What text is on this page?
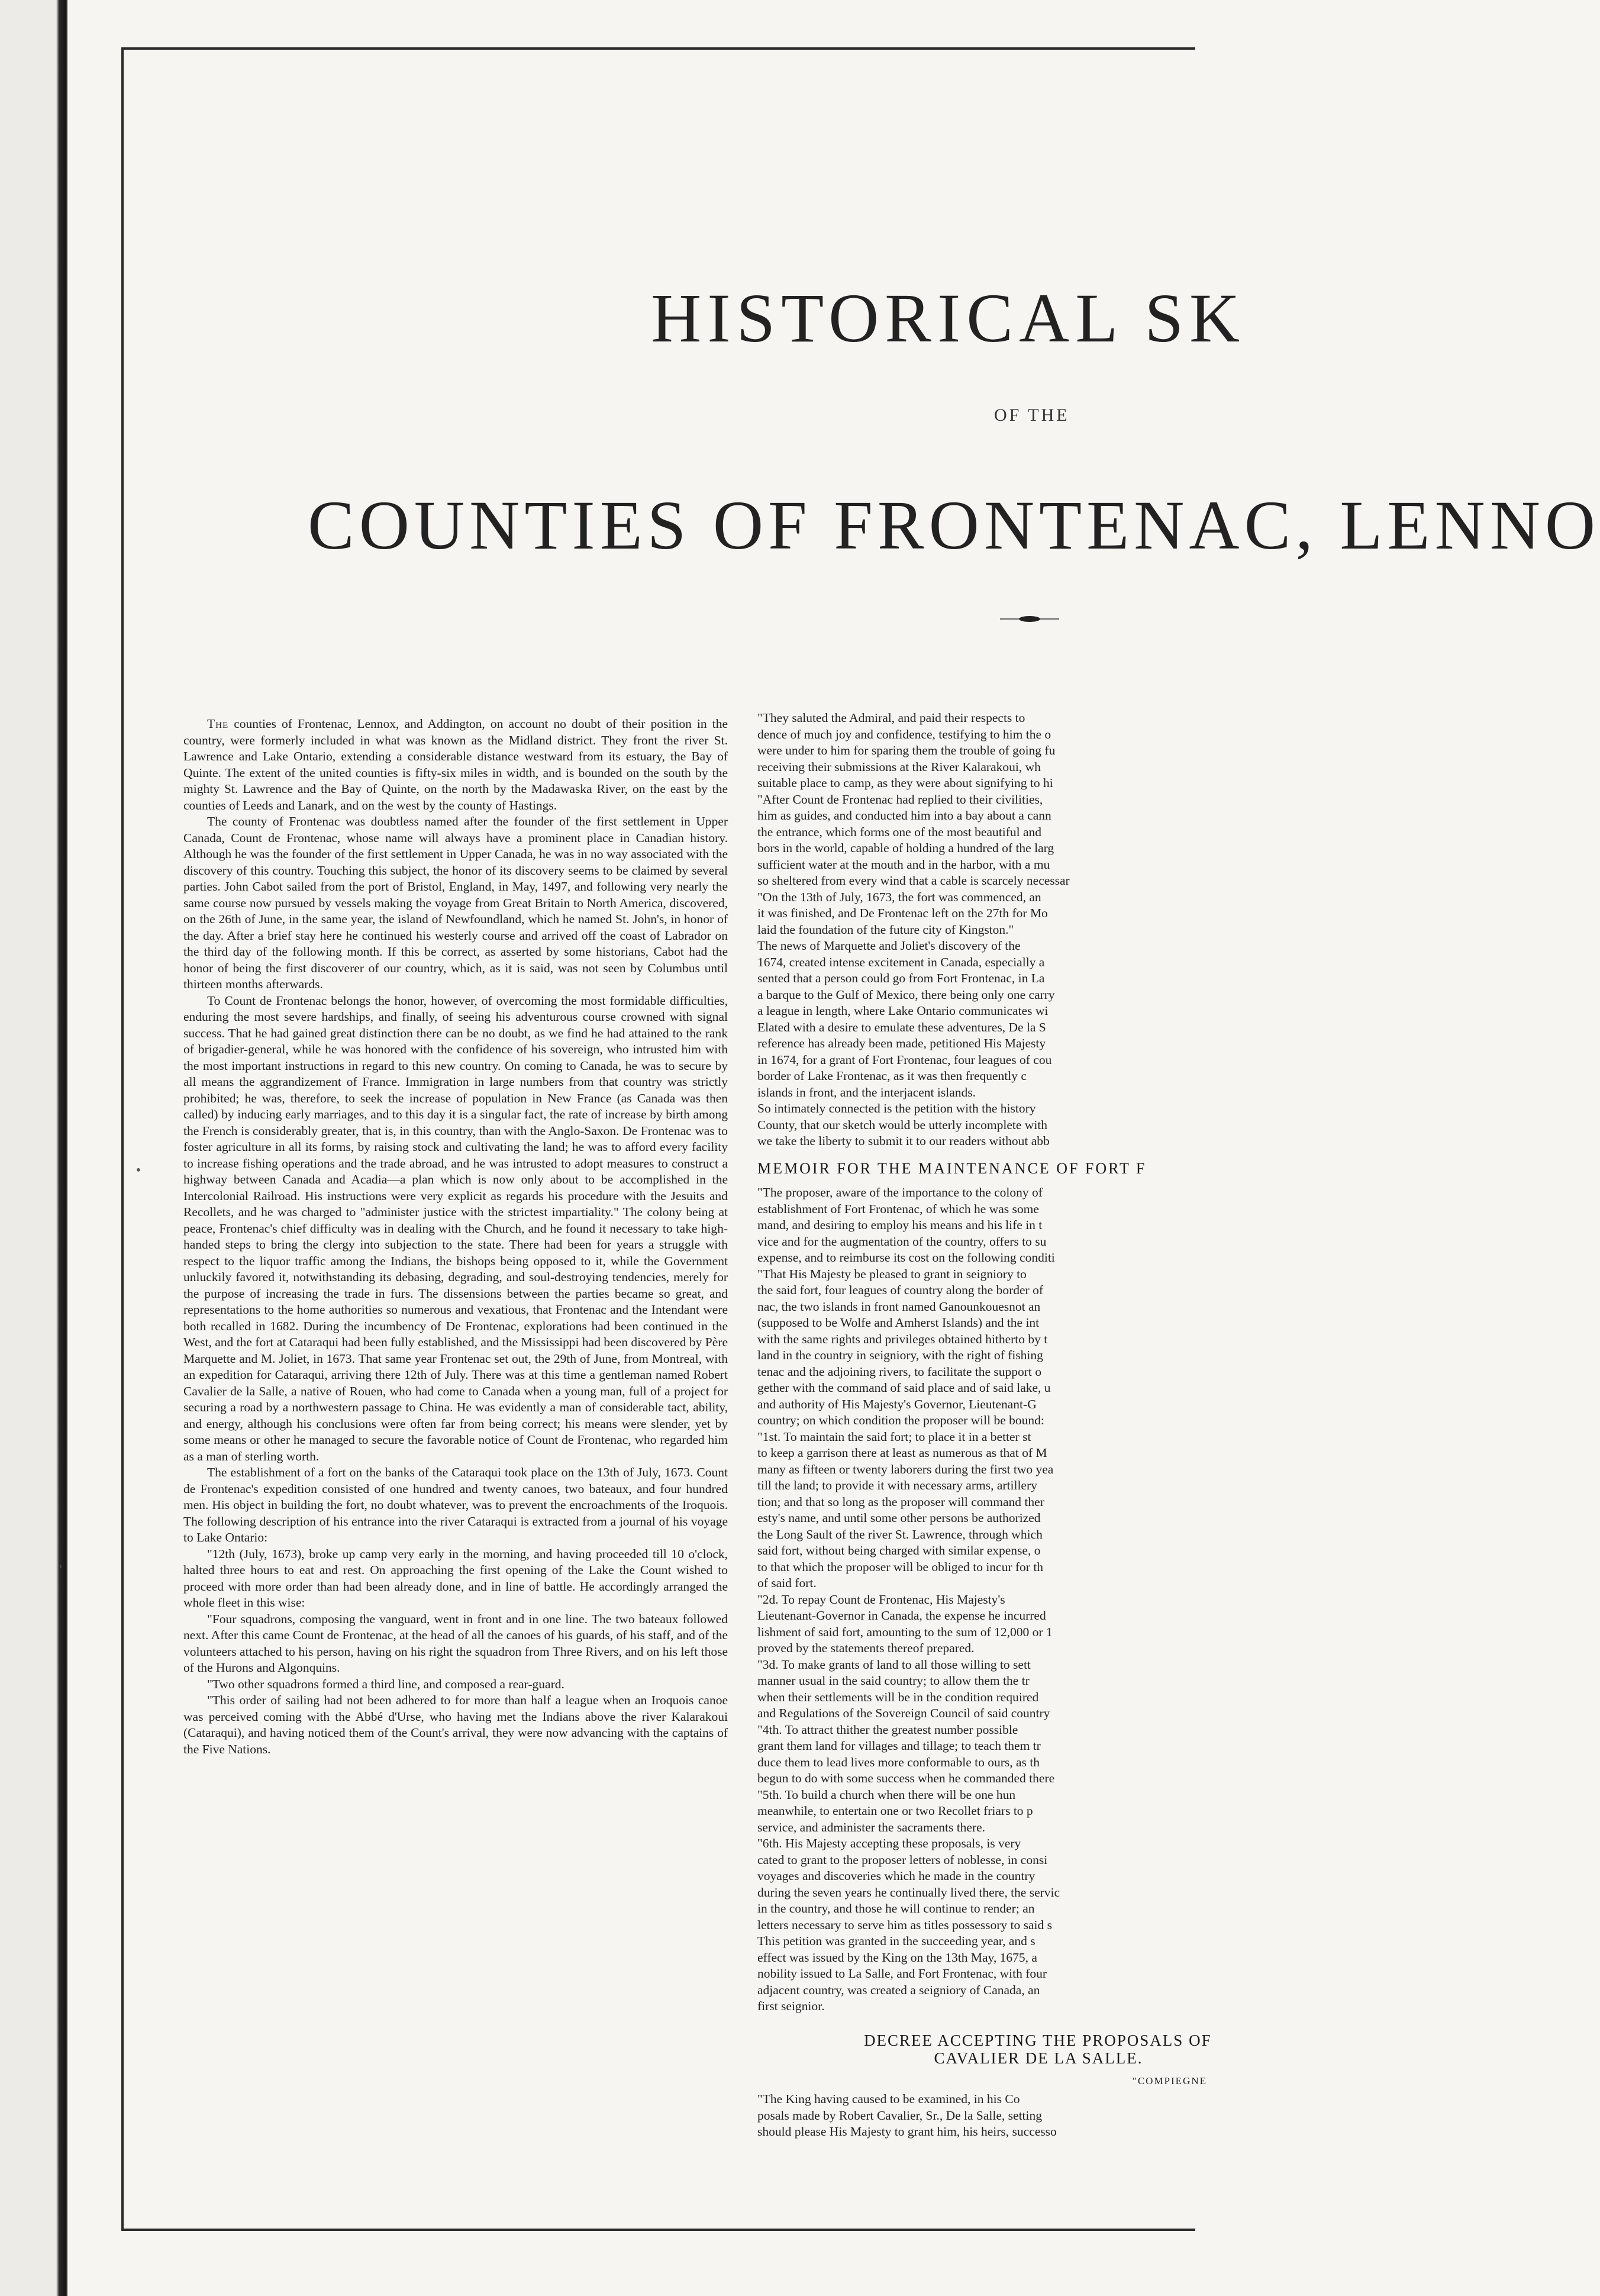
HISTORICAL SK
OF THE
COUNTIES OF FRONTENAC, LENNO
•
'

The counties of Frontenac, Lennox, and Addington, on account no doubt of their position in the country, were formerly included in what was known as the Midland district. They front the river St. Lawrence and Lake Ontario, extending a considerable distance westward from its estuary, the Bay of Quinte. The extent of the united counties is fifty-six miles in width, and is bounded on the south by the mighty St. Lawrence and the Bay of Quinte, on the north by the Madawaska River, on the east by the counties of Leeds and Lanark, and on the west by the county of Hastings.

The county of Frontenac was doubtless named after the founder of the first settlement in Upper Canada, Count de Frontenac, whose name will always have a prominent place in Canadian history. Although he was the founder of the first settlement in Upper Canada, he was in no way associated with the discovery of this country. Touching this subject, the honor of its discovery seems to be claimed by several parties. John Cabot sailed from the port of Bristol, England, in May, 1497, and following very nearly the same course now pursued by vessels making the voyage from Great Britain to North America, discovered, on the 26th of June, in the same year, the island of Newfoundland, which he named St. John's, in honor of the day. After a brief stay here he continued his westerly course and arrived off the coast of Labrador on the third day of the following month. If this be correct, as asserted by some historians, Cabot had the honor of being the first discoverer of our country, which, as it is said, was not seen by Columbus until thirteen months afterwards.

To Count de Frontenac belongs the honor, however, of overcoming the most formidable difficulties, enduring the most severe hardships, and finally, of seeing his adventurous course crowned with signal success. That he had gained great distinction there can be no doubt, as we find he had attained to the rank of brigadier-general, while he was honored with the confidence of his sovereign, who intrusted him with the most important instructions in regard to this new country. On coming to Canada, he was to secure by all means the aggrandizement of France. Immigration in large numbers from that country was strictly prohibited; he was, therefore, to seek the increase of population in New France (as Canada was then called) by inducing early marriages, and to this day it is a singular fact, the rate of increase by birth among the French is considerably greater, that is, in this country, than with the Anglo-Saxon. De Frontenac was to foster agriculture in all its forms, by raising stock and cultivating the land; he was to afford every facility to increase fishing operations and the trade abroad, and he was intrusted to adopt measures to construct a highway between Canada and Acadia—a plan which is now only about to be accomplished in the Intercolonial Railroad. His instructions were very explicit as regards his procedure with the Jesuits and Recollets, and he was charged to "administer justice with the strictest impartiality." The colony being at peace, Frontenac's chief difficulty was in dealing with the Church, and he found it necessary to take high-handed steps to bring the clergy into subjection to the state. There had been for years a struggle with respect to the liquor traffic among the Indians, the bishops being opposed to it, while the Government unluckily favored it, notwithstanding its debasing, degrading, and soul-destroying tendencies, merely for the purpose of increasing the trade in furs. The dissensions between the parties became so great, and representations to the home authorities so numerous and vexatious, that Frontenac and the Intendant were both recalled in 1682. During the incumbency of De Frontenac, explorations had been continued in the West, and the fort at Cataraqui had been fully established, and the Mississippi had been discovered by Père Marquette and M. Joliet, in 1673. That same year Frontenac set out, the 29th of June, from Montreal, with an expedition for Cataraqui, arriving there 12th of July. There was at this time a gentleman named Robert Cavalier de la Salle, a native of Rouen, who had come to Canada when a young man, full of a project for securing a road by a northwestern passage to China. He was evidently a man of considerable tact, ability, and energy, although his conclusions were often far from being correct; his means were slender, yet by some means or other he managed to secure the favorable notice of Count de Frontenac, who regarded him as a man of sterling worth.

The establishment of a fort on the banks of the Cataraqui took place on the 13th of July, 1673. Count de Frontenac's expedition consisted of one hundred and twenty canoes, two bateaux, and four hundred men. His object in building the fort, no doubt whatever, was to prevent the encroachments of the Iroquois. The following description of his entrance into the river Cataraqui is extracted from a journal of his voyage to Lake Ontario:

"12th (July, 1673), broke up camp very early in the morning, and having proceeded till 10 o'clock, halted three hours to eat and rest. On approaching the first opening of the Lake the Count wished to proceed with more order than had been already done, and in line of battle. He accordingly arranged the whole fleet in this wise:

"Four squadrons, composing the vanguard, went in front and in one line. The two bateaux followed next. After this came Count de Frontenac, at the head of all the canoes of his guards, of his staff, and of the volunteers attached to his person, having on his right the squadron from Three Rivers, and on his left those of the Hurons and Algonquins.

"Two other squadrons formed a third line, and composed a rear-guard.

"This order of sailing had not been adhered to for more than half a league when an Iroquois canoe was perceived coming with the Abbé d'Urse, who having met the Indians above the river Kalarakoui (Cataraqui), and having noticed them of the Count's arrival, they were now advancing with the captains of the Five Nations.

"They saluted the Admiral, and paid their respects to

dence of much joy and confidence, testifying to him the o

were under to him for sparing them the trouble of going fu

receiving their submissions at the River Kalarakoui, wh

suitable place to camp, as they were about signifying to hi

"After Count de Frontenac had replied to their civilities,

him as guides, and conducted him into a bay about a cann

the entrance, which forms one of the most beautiful and

bors in the world, capable of holding a hundred of the larg

sufficient water at the mouth and in the harbor, with a mu

so sheltered from every wind that a cable is scarcely necessar

"On the 13th of July, 1673, the fort was commenced, an

it was finished, and De Frontenac left on the 27th for Mo

laid the foundation of the future city of Kingston."

The news of Marquette and Joliet's discovery of the

1674, created intense excitement in Canada, especially a

sented that a person could go from Fort Frontenac, in La

a barque to the Gulf of Mexico, there being only one carry

a league in length, where Lake Ontario communicates wi

Elated with a desire to emulate these adventures, De la S

reference has already been made, petitioned His Majesty

in 1674, for a grant of Fort Frontenac, four leagues of cou

border of Lake Frontenac, as it was then frequently c

islands in front, and the interjacent islands.

So intimately connected is the petition with the history

County, that our sketch would be utterly incomplete with

we take the liberty to submit it to our readers without abb

MEMOIR FOR THE MAINTENANCE OF FORT F

"The proposer, aware of the importance to the colony of

establishment of Fort Frontenac, of which he was some

mand, and desiring to employ his means and his life in t

vice and for the augmentation of the country, offers to su

expense, and to reimburse its cost on the following conditi

"That His Majesty be pleased to grant in seigniory to

the said fort, four leagues of country along the border of

nac, the two islands in front named Ganounkouesnot an

(supposed to be Wolfe and Amherst Islands) and the int

with the same rights and privileges obtained hitherto by t

land in the country in seigniory, with the right of fishing

tenac and the adjoining rivers, to facilitate the support o

gether with the command of said place and of said lake, u

and authority of His Majesty's Governor, Lieutenant-G

country; on which condition the proposer will be bound:

"1st. To maintain the said fort; to place it in a better st

to keep a garrison there at least as numerous as that of M

many as fifteen or twenty laborers during the first two yea

till the land; to provide it with necessary arms, artillery

tion; and that so long as the proposer will command ther

esty's name, and until some other persons be authorized

the Long Sault of the river St. Lawrence, through which

said fort, without being charged with similar expense, o

to that which the proposer will be obliged to incur for th

of said fort.

"2d. To repay Count de Frontenac, His Majesty's

Lieutenant-Governor in Canada, the expense he incurred

lishment of said fort, amounting to the sum of 12,000 or 1

proved by the statements thereof prepared.

"3d. To make grants of land to all those willing to sett

manner usual in the said country; to allow them the tr

when their settlements will be in the condition required

and Regulations of the Sovereign Council of said country

"4th. To attract thither the greatest number possible

grant them land for villages and tillage; to teach them tr

duce them to lead lives more conformable to ours, as th

begun to do with some success when he commanded there

"5th. To build a church when there will be one hun

meanwhile, to entertain one or two Recollet friars to p

service, and administer the sacraments there.

"6th. His Majesty accepting these proposals, is very

cated to grant to the proposer letters of noblesse, in consi

voyages and discoveries which he made in the country

during the seven years he continually lived there, the servic

in the country, and those he will continue to render; an

letters necessary to serve him as titles possessory to said s

This petition was granted in the succeeding year, and s

effect was issued by the King on the 13th May, 1675, a

nobility issued to La Salle, and Fort Frontenac, with four

adjacent country, was created a seigniory of Canada, an

first seignior.

DECREE ACCEPTING THE PROPOSALS OF

CAVALIER DE LA SALLE.

"COMPIEGNE

"The King having caused to be examined, in his Co

posals made by Robert Cavalier, Sr., De la Salle, setting

should please His Majesty to grant him, his heirs, successo
